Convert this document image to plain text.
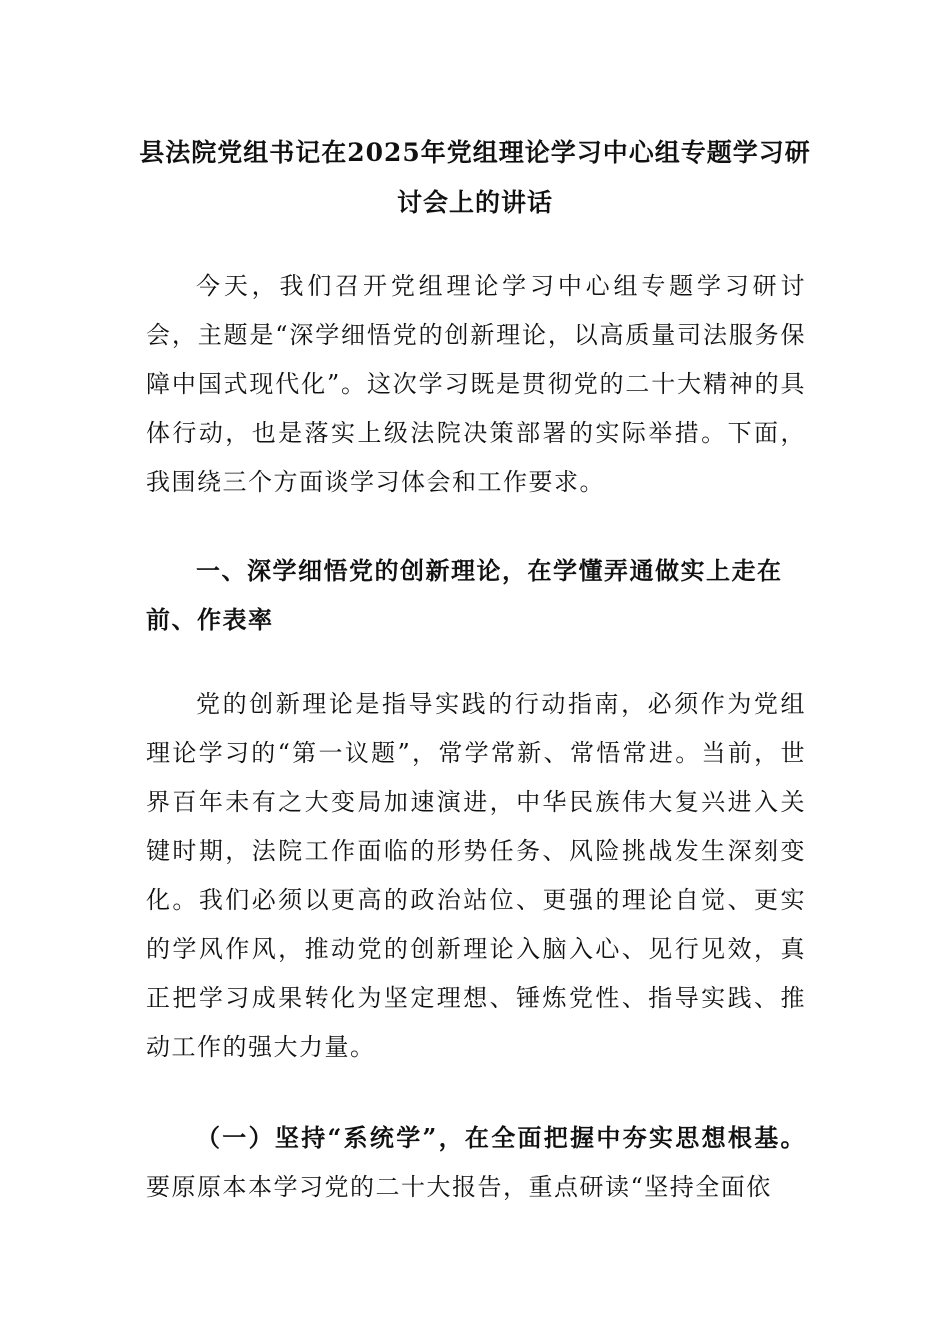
县法院党组书记在2025年党组理论学习中心组专题学习研讨会上的讲话

今天，我们召开党组理论学习中心组专题学习研讨会，主题是“深学细悟党的创新理论，以高质量司法服务保障中国式现代化”。这次学习既是贯彻党的二十大精神的具体行动，也是落实上级法院决策部署的实际举措。下面，我围绕三个方面谈学习体会和工作要求。

一、深学细悟党的创新理论，在学懂弄通做实上走在前、作表率

党的创新理论是指导实践的行动指南，必须作为党组理论学习的“第一议题”，常学常新、常悟常进。当前，世界百年未有之大变局加速演进，中华民族伟大复兴进入关键时期，法院工作面临的形势任务、风险挑战发生深刻变化。我们必须以更高的政治站位、更强的理论自觉、更实的学风作风，推动党的创新理论入脑入心、见行见效，真正把学习成果转化为坚定理想、锤炼党性、指导实践、推动工作的强大力量。

（一）坚持“系统学”，在全面把握中夯实思想根基。要原原本本学习党的二十大报告，重点研读“坚持全面依
